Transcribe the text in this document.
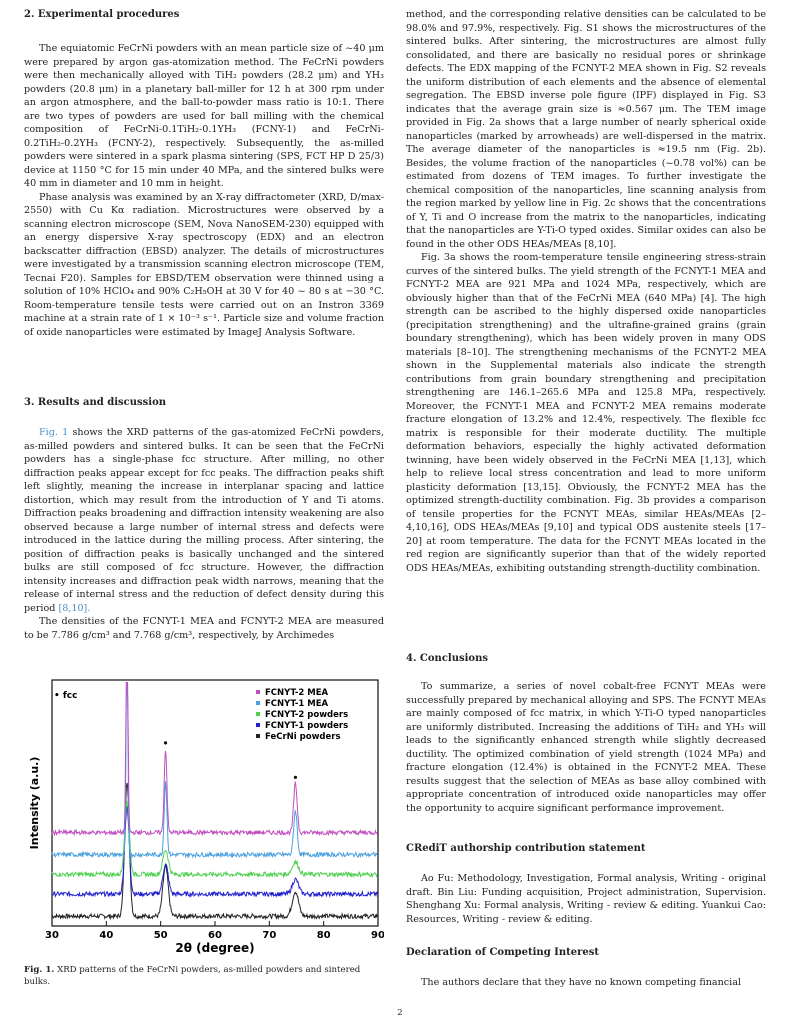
2. Experimental procedures

The equiatomic FeCrNi powders with an mean particle size of ~40 μm were prepared by argon gas-atomization method. The FeCrNi powders were then mechanically alloyed with TiH₂ powders (28.2 μm) and YH₃ powders (20.8 μm) in a planetary ball-miller for 12 h at 300 rpm under an argon atmosphere, and the ball-to-powder mass ratio is 10:1. There are two types of powders are used for ball milling with the chemical composition of FeCrNi-0.1TiH₂-0.1YH₃ (FCNY-1) and FeCrNi-0.2TiH₂-0.2YH₃ (FCNY-2), respectively. Subsequently, the as-milled powders were sintered in a spark plasma sintering (SPS, FCT HP D 25/3) device at 1150 °C for 15 min under 40 MPa, and the sintered bulks were 40 mm in diameter and 10 mm in height.

Phase analysis was examined by an X-ray diffractometer (XRD, D/max-2550) with Cu Kα radiation. Microstructures were observed by a scanning electron microscope (SEM, Nova NanoSEM-230) equipped with an energy dispersive X-ray spectroscopy (EDX) and an electron backscatter diffraction (EBSD) analyzer. The details of microstructures were investigated by a transmission scanning electron microscope (TEM, Tecnai F20). Samples for EBSD/TEM observation were thinned using a solution of 10% HClO₄ and 90% C₂H₅OH at 30 V for 40 ~ 80 s at −30 °C. Room-temperature tensile tests were carried out on an Instron 3369 machine at a strain rate of 1 × 10⁻³ s⁻¹. Particle size and volume fraction of oxide nanoparticles were estimated by ImageJ Analysis Software.

3. Results and discussion

Fig. 1 shows the XRD patterns of the gas-atomized FeCrNi powders, as-milled powders and sintered bulks. It can be seen that the FeCrNi powders has a single-phase fcc structure. After milling, no other diffraction peaks appear except for fcc peaks. The diffraction peaks shift left slightly, meaning the increase in interplanar spacing and lattice distortion, which may result from the introduction of Y and Ti atoms. Diffraction peaks broadening and diffraction intensity weakening are also observed because a large number of internal stress and defects were introduced in the lattice during the milling process. After sintering, the position of diffraction peaks is basically unchanged and the sintered bulks are still composed of fcc structure. However, the diffraction intensity increases and diffraction peak width narrows, meaning that the release of internal stress and the reduction of defect density during this period [8,10].

The densities of the FCNYT-1 MEA and FCNYT-2 MEA are measured to be 7.786 g/cm³ and 7.768 g/cm³, respectively, by Archimedes

30	40	50	60	70	80	90
• fcc	FCNYT-2 MEA
FCNYT-1 MEA
FCNYT-2 powders
FCNYT-1 powders
FeCrNi powders
Intensity (a.u.)
2θ (degree)
Fig. 1. XRD patterns of the FeCrNi powders, as-milled powders and sintered bulks.

method, and the corresponding relative densities can be calculated to be 98.0% and 97.9%, respectively. Fig. S1 shows the microstructures of the sintered bulks. After sintering, the microstructures are almost fully consolidated, and there are basically no residual pores or shrinkage defects. The EDX mapping of the FCNYT-2 MEA shown in Fig. S2 reveals the uniform distribution of each elements and the absence of elemental segregation. The EBSD inverse pole figure (IPF) displayed in Fig. S3 indicates that the average grain size is ≈0.567 μm. The TEM image provided in Fig. 2a shows that a large number of nearly spherical oxide nanoparticles (marked by arrowheads) are well-dispersed in the matrix. The average diameter of the nanoparticles is ≈19.5 nm (Fig. 2b). Besides, the volume fraction of the nanoparticles (~0.78 vol%) can be estimated from dozens of TEM images. To further investigate the chemical composition of the nanoparticles, line scanning analysis from the region marked by yellow line in Fig. 2c shows that the concentrations of Y, Ti and O increase from the matrix to the nanoparticles, indicating that the nanoparticles are Y-Ti-O typed oxides. Similar oxides can also be found in the other ODS HEAs/MEAs [8,10].

Fig. 3a shows the room-temperature tensile engineering stress-strain curves of the sintered bulks. The yield strength of the FCNYT-1 MEA and FCNYT-2 MEA are 921 MPa and 1024 MPa, respectively, which are obviously higher than that of the FeCrNi MEA (640 MPa) [4]. The high strength can be ascribed to the highly dispersed oxide nanoparticles (precipitation strengthening) and the ultrafine-grained grains (grain boundary strengthening), which has been widely proven in many ODS materials [8–10]. The strengthening mechanisms of the FCNYT-2 MEA shown in the Supplemental materials also indicate the strength contributions from grain boundary strengthening and precipitation strengthening are 146.1–265.6 MPa and 125.8 MPa, respectively. Moreover, the FCNYT-1 MEA and FCNYT-2 MEA remains moderate fracture elongation of 13.2% and 12.4%, respectively. The flexible fcc matrix is responsible for their moderate ductility. The multiple deformation behaviors, especially the highly activated deformation twinning, have been widely observed in the FeCrNi MEA [1,13], which help to relieve local stress concentration and lead to more uniform plasticity deformation [13,15]. Obviously, the FCNYT-2 MEA has the optimized strength-ductility combination. Fig. 3b provides a comparison of tensile properties for the FCNYT MEAs, similar HEAs/MEAs [2–4,10,16], ODS HEAs/MEAs [9,10] and typical ODS austenite steels [17–20] at room temperature. The data for the FCNYT MEAs located in the red region are significantly superior than that of the widely reported ODS HEAs/MEAs, exhibiting outstanding strength-ductility combination.

4. Conclusions

To summarize, a series of novel cobalt-free FCNYT MEAs were successfully prepared by mechanical alloying and SPS. The FCNYT MEAs are mainly composed of fcc matrix, in which Y-Ti-O typed nanoparticles are uniformly distributed. Increasing the additions of TiH₂ and YH₃ will leads to the significantly enhanced strength while slightly decreased ductility. The optimized combination of yield strength (1024 MPa) and fracture elongation (12.4%) is obtained in the FCNYT-2 MEA. These results suggest that the selection of MEAs as base alloy combined with appropriate concentration of introduced oxide nanoparticles may offer the opportunity to acquire significant performance improvement.

CRediT authorship contribution statement

Ao Fu: Methodology, Investigation, Formal analysis, Writing - original draft. Bin Liu: Funding acquisition, Project administration, Supervision. Shenghang Xu: Formal analysis, Writing - review & editing. Yuankui Cao: Resources, Writing - review & editing.

Declaration of Competing Interest

The authors declare that they have no known competing financial

2
